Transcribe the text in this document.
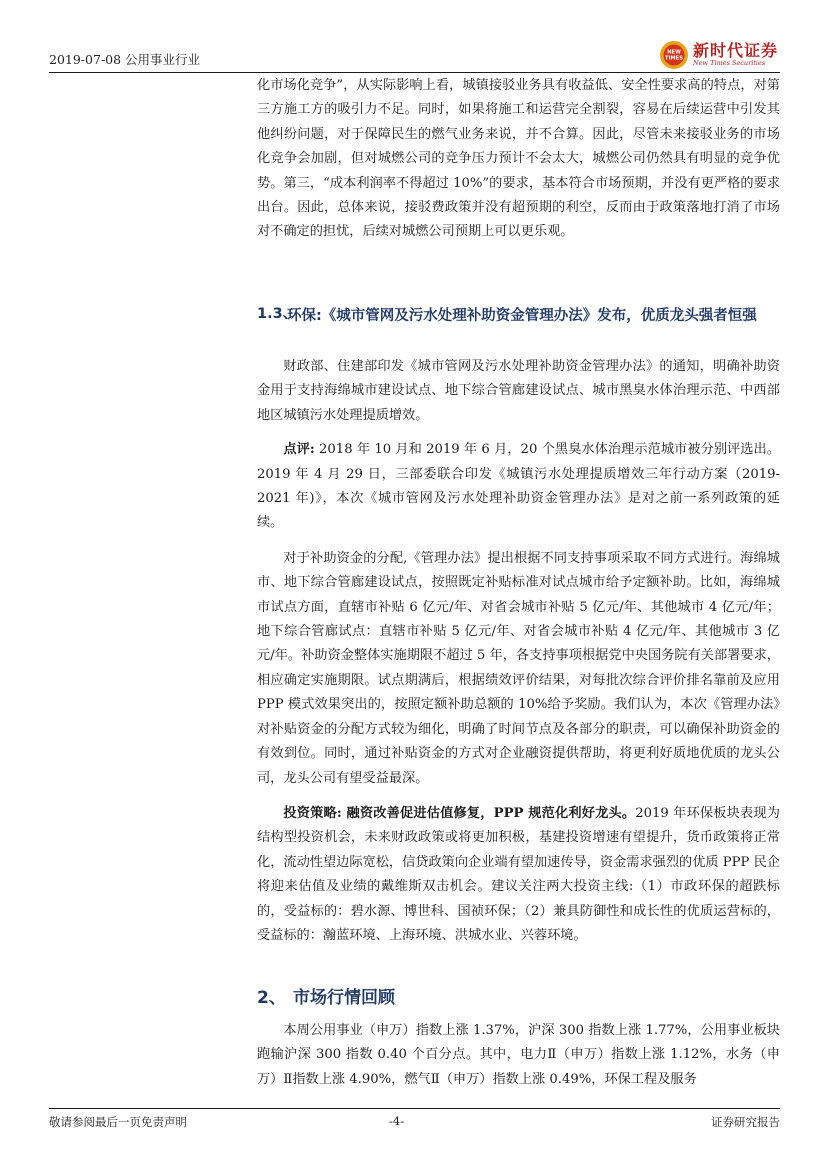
2019-07-08 公用事业行业	NEW
TIMES 新时代证券
New Times Securities

化市场化竞争”，从实际影响上看，城镇接驳业务具有收益低、安全性要求高的特点，对第三方施工方的吸引力不足。同时，如果将施工和运营完全割裂，容易在后续运营中引发其他纠纷问题，对于保障民生的燃气业务来说，并不合算。因此，尽管未来接驳业务的市场化竞争会加剧，但对城燃公司的竞争压力预计不会太大，城燃公司仍然具有明显的竞争优势。第三，“成本利润率不得超过 10%”的要求，基本符合市场预期，并没有更严格的要求出台。因此，总体来说，接驳费政策并没有超预期的利空，反而由于政策落地打消了市场对不确定的担忧，后续对城燃公司预期上可以更乐观。

1.3、
环保:《城市管网及污水处理补助资金管理办法》发布，优质龙头强者恒强

财政部、住建部印发《城市管网及污水处理补助资金管理办法》的通知，明确补助资金用于支持海绵城市建设试点、地下综合管廊建设试点、城市黑臭水体治理示范、中西部地区城镇污水处理提质增效。

点评: 2018 年 10 月和 2019 年 6 月，20 个黑臭水体治理示范城市被分别评选出。2019 年 4 月 29 日，三部委联合印发《城镇污水处理提质增效三年行动方案（2019-2021 年)》，本次《城市管网及污水处理补助资金管理办法》是对之前一系列政策的延续。

对于补助资金的分配,《管理办法》提出根据不同支持事项采取不同方式进行。海绵城市、地下综合管廊建设试点，按照既定补贴标准对试点城市给予定额补助。比如，海绵城市试点方面，直辖市补贴 6 亿元/年、对省会城市补贴 5 亿元/年、其他城市 4 亿元/年；地下综合管廊试点：直辖市补贴 5 亿元/年、对省会城市补贴 4 亿元/年、其他城市 3 亿元/年。补助资金整体实施期限不超过 5 年，各支持事项根据党中央国务院有关部署要求，相应确定实施期限。试点期满后，根据绩效评价结果，对每批次综合评价排名靠前及应用 PPP 模式效果突出的，按照定额补助总额的 10%给予奖励。我们认为，本次《管理办法》对补贴资金的分配方式较为细化，明确了时间节点及各部分的职责，可以确保补助资金的有效到位。同时，通过补贴资金的方式对企业融资提供帮助，将更利好质地优质的龙头公司，龙头公司有望受益最深。

投资策略: 融资改善促进估值修复，PPP 规范化利好龙头。2019 年环保板块表现为结构型投资机会，未来财政政策或将更加积极，基建投资增速有望提升，货币政策将正常化，流动性望边际宽松，信贷政策向企业端有望加速传导，资金需求强烈的优质 PPP 民企将迎来估值及业绩的戴维斯双击机会。建议关注两大投资主线:（1）市政环保的超跌标的，受益标的：碧水源、博世科、国祯环保；（2）兼具防御性和成长性的优质运营标的，受益标的：瀚蓝环境、上海环境、洪城水业、兴蓉环境。

2、 市场行情回顾

本周公用事业（申万）指数上涨 1.37%，沪深 300 指数上涨 1.77%，公用事业板块跑输沪深 300 指数 0.40 个百分点。其中，电力Ⅱ（申万）指数上涨 1.12%，水务（申万）Ⅱ指数上涨 4.90%，燃气Ⅱ（申万）指数上涨 0.49%，环保工程及服务

敬请参阅最后一页免责声明	-4-	证券研究报告
